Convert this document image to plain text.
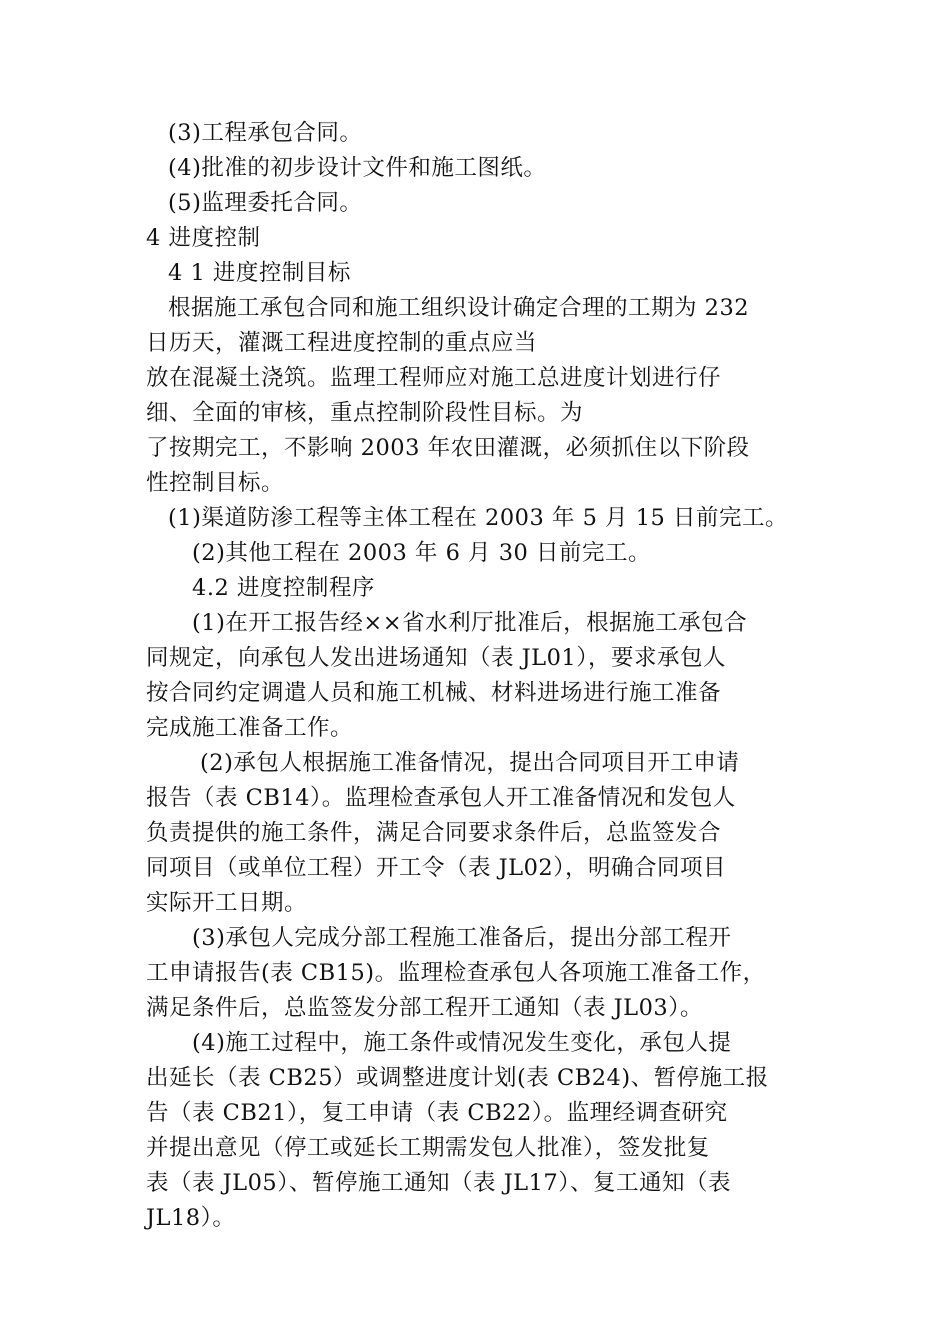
(3)工程承包合同。
(4)批准的初步设计文件和施工图纸。
(5)监理委托合同。
4 进度控制
4 1 进度控制目标
根据施工承包合同和施工组织设计确定合理的工期为 232
日历天，灌溉工程进度控制的重点应当
放在混凝土浇筑。监理工程师应对施工总进度计划进行仔
细、全面的审核，重点控制阶段性目标。为
了按期完工，不影响 2003 年农田灌溉，必须抓住以下阶段
性控制目标。
(1)渠道防渗工程等主体工程在 2003 年 5 月 15 日前完工。
(2)其他工程在 2003 年 6 月 30 日前完工。
4.2 进度控制程序
(1)在开工报告经××省水利厅批准后，根据施工承包合
同规定，向承包人发出进场通知（表 JL01），要求承包人
按合同约定调遣人员和施工机械、材料进场进行施工准备
完成施工准备工作。
(2)承包人根据施工准备情况，提出合同项目开工申请
报告（表 CB14）。监理检查承包人开工准备情况和发包人
负责提供的施工条件，满足合同要求条件后，总监签发合
同项目（或单位工程）开工令（表 JL02），明确合同项目
实际开工日期。
(3)承包人完成分部工程施工准备后，提出分部工程开
工申请报告(表 CB15)。监理检查承包人各项施工准备工作，
满足条件后，总监签发分部工程开工通知（表 JL03）。
(4)施工过程中，施工条件或情况发生变化，承包人提
出延长（表 CB25）或调整进度计划(表 CB24)、暂停施工报
告（表 CB21），复工申请（表 CB22）。监理经调查研究
并提出意见（停工或延长工期需发包人批准），签发批复
表（表 JL05）、暂停施工通知（表 JL17）、复工通知（表
JL18）。
